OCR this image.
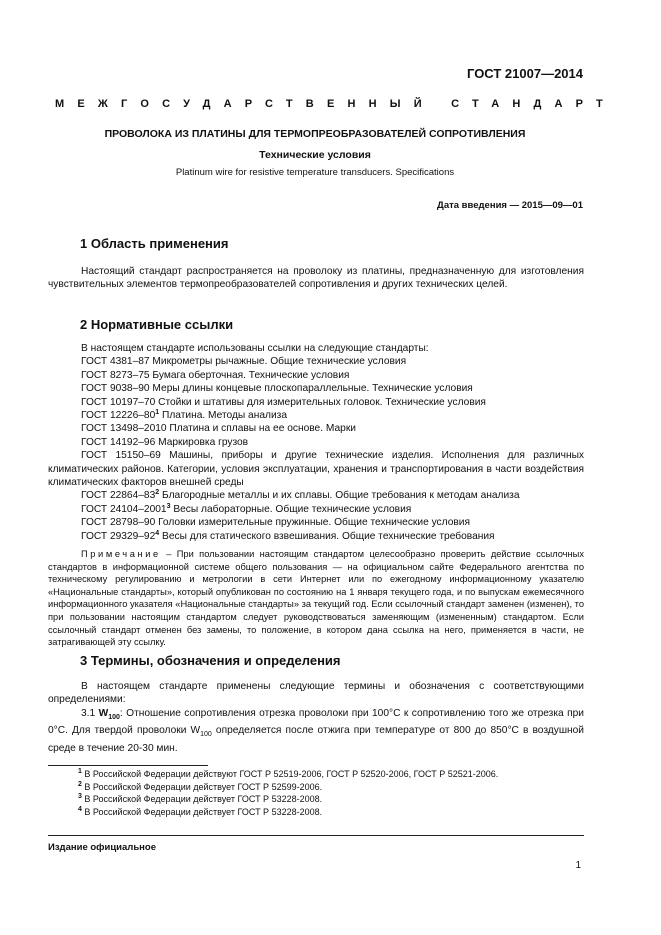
ГОСТ 21007—2014
МЕЖГОСУДАРСТВЕННЫЙ СТАНДАРТ
ПРОВОЛОКА ИЗ ПЛАТИНЫ ДЛЯ ТЕРМОПРЕОБРАЗОВАТЕЛЕЙ СОПРОТИВЛЕНИЯ
Технические условия
Platinum wire for resistive temperature transducers. Specifications
Дата введения — 2015—09—01
1 Область применения
Настоящий стандарт распространяется на проволоку из платины, предназначенную для изготовления чувствительных элементов термопреобразователей сопротивления и других технических целей.
2 Нормативные ссылки
В настоящем стандарте использованы ссылки на следующие стандарты:
ГОСТ 4381–87 Микрометры рычажные. Общие технические условия
ГОСТ 8273–75 Бумага оберточная. Технические условия
ГОСТ 9038–90 Меры длины концевые плоскопараллельные. Технические условия
ГОСТ 10197–70 Стойки и штативы для измерительных головок. Технические условия
ГОСТ $12226-80^1$ Платина. Методы анализа
ГОСТ 13498–2010 Платина и сплавы на ее основе. Марки
ГОСТ 14192–96 Маркировка грузов
ГОСТ 15150–69 Машины, приборы и другие технические изделия. Исполнения для различных климатических районов. Категории, условия эксплуатации, хранения и транспортирования в части воздействия климатических факторов внешней среды
ГОСТ $22864-83^2$ Благородные металлы и их сплавы. Общие требования к методам анализа
ГОСТ 24104–2001$^3$ Весы лабораторные. Общие технические условия
ГОСТ 28798–90 Головки измерительные пружинные. Общие технические условия
ГОСТ $29329-92^4$ Весы для статического взвешивания. Общие технические требования
Примечание – При пользовании настоящим стандартом целесообразно проверить действие ссылочных стандартов в информационной системе общего пользования — на официальном сайте Федерального агентства по техническому регулированию и метрологии в сети Интернет или по ежегодному информационному указателю «Национальные стандарты», который опубликован по состоянию на 1 января текущего года, и по выпускам ежемесячного информационного указателя «Национальные стандарты» за текущий год. Если ссылочный стандарт заменен (изменен), то при пользовании настоящим стандартом следует руководствоваться заменяющим (измененным) стандартом. Если ссылочный стандарт отменен без замены, то положение, в котором дана ссылка на него, применяется в части, не затрагивающей эту ссылку.
3 Термины, обозначения и определения
В настоящем стандарте применены следующие термины и обозначения с соответствующими определениями:
3.1 $W_{100}$: Отношение сопротивления отрезка проволоки при 100°С к сопротивлению того же отрезка при 0°С. Для твердой проволоки $W_{100}$ определяется после отжига при температуре от 800 до 850°С в воздушной среде в течение 20-30 мин.
$^1$ В Российской Федерации действуют ГОСТ Р 52519-2006, ГОСТ Р 52520-2006, ГОСТ Р 52521-2006.
$^2$ В Российской Федерации действует ГОСТ Р 52599-2006.
$^3$ В Российской Федерации действует ГОСТ Р 53228-2008.
$^4$ В Российской Федерации действует ГОСТ Р 53228-2008.
Издание официальное
1
